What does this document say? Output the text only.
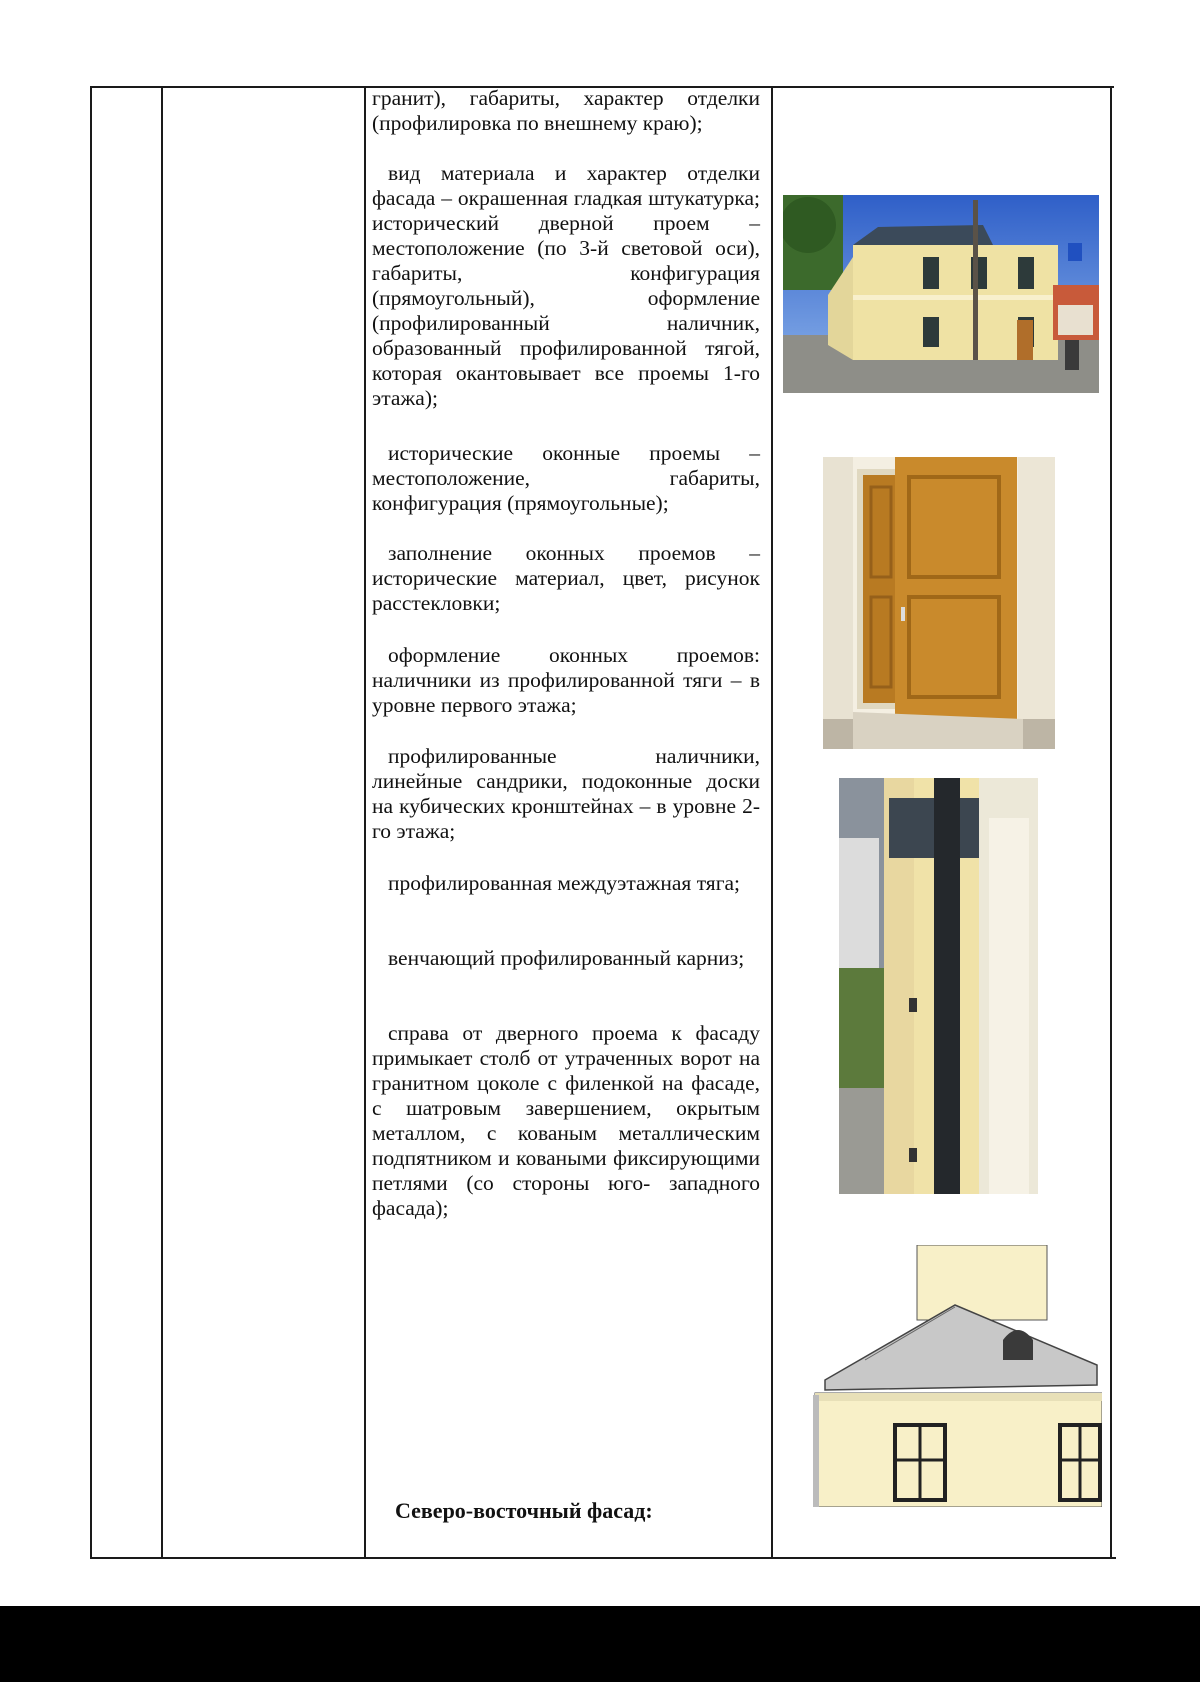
гранит), габариты, характер отделки (профилировка по внешнему краю);

вид материала и характер отделки фасада – окрашенная гладкая штукатурка; исторический дверной проем – местоположение (по 3-й световой оси), габариты, конфигурация (прямоугольный), оформление (профилированный наличник, образованный профилированной тягой, которая окантовывает все проемы 1-го этажа);

исторические оконные проемы – местоположение, габариты, конфигурация (прямоугольные);

заполнение оконных проемов – исторические материал, цвет, рисунок расстекловки;

оформление оконных проемов: наличники из профилированной тяги – в уровне первого этажа;

профилированные наличники, линейные сандрики, подоконные доски на кубических кронштейнах – в уровне 2-го этажа;

профилированная междуэтажная тяга;

венчающий профилированный карниз;

справа от дверного проема к фасаду примыкает столб от утраченных ворот на гранитном цоколе с филенкой на фасаде, с шатровым завершением, окрытым металлом, с кованым металлическим подпятником и коваными фиксирующими петлями (со стороны юго- западного фасада);

Северо-восточный фасад:
